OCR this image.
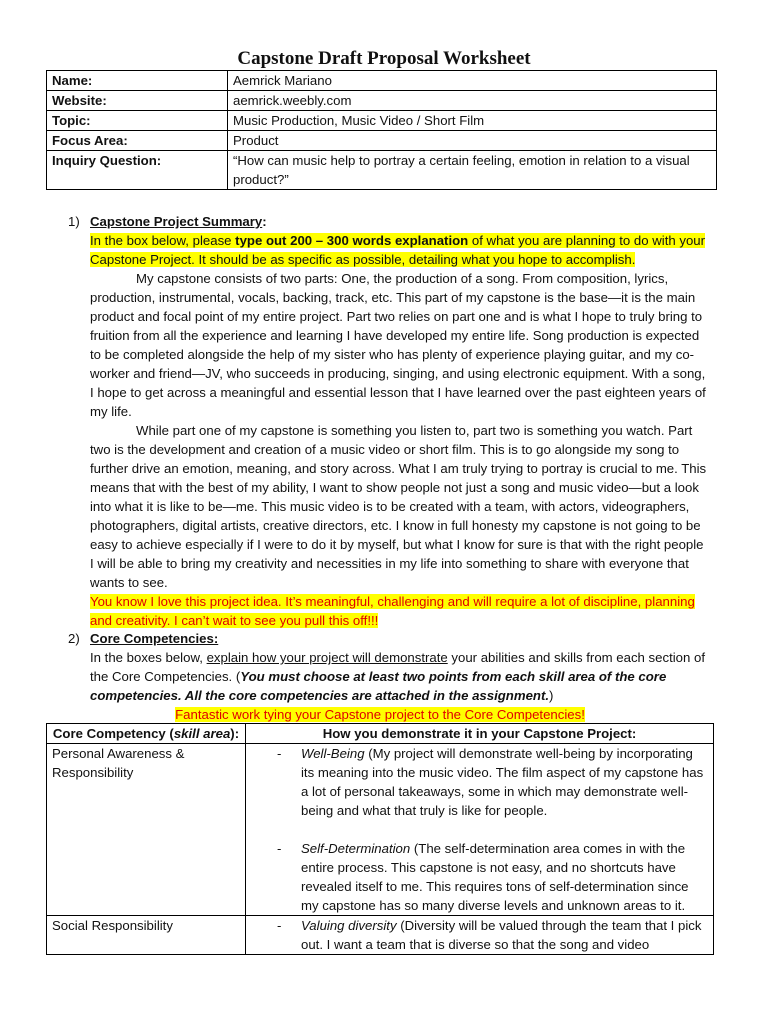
Capstone Draft Proposal Worksheet
Name:	Aemrick Mariano
Website:	aemrick.weebly.com
Topic:	Music Production, Music Video / Short Film
Focus Area:	Product
Inquiry Question:	“How can music help to portray a certain feeling, emotion in relation to a visual product?”
1) Capstone Project Summary:
In the box below, please type out 200 – 300 words explanation of what you are planning to do with your Capstone Project. It should be as specific as possible, detailing what you hope to accomplish.
My capstone consists of two parts: One, the production of a song. From composition, lyrics, production, instrumental, vocals, backing, track, etc. This part of my capstone is the base—it is the main product and focal point of my entire project. Part two relies on part one and is what I hope to truly bring to fruition from all the experience and learning I have developed my entire life. Song production is expected to be completed alongside the help of my sister who has plenty of experience playing guitar, and my co-worker and friend—JV, who succeeds in producing, singing, and using electronic equipment. With a song, I hope to get across a meaningful and essential lesson that I have learned over the past eighteen years of my life.
While part one of my capstone is something you listen to, part two is something you watch. Part two is the development and creation of a music video or short film. This is to go alongside my song to further drive an emotion, meaning, and story across. What I am truly trying to portray is crucial to me. This means that with the best of my ability, I want to show people not just a song and music video—but a look into what it is like to be—me. This music video is to be created with a team, with actors, videographers, photographers, digital artists, creative directors, etc. I know in full honesty my capstone is not going to be easy to achieve especially if I were to do it by myself, but what I know for sure is that with the right people I will be able to bring my creativity and necessities in my life into something to share with everyone that wants to see.
You know I love this project idea. It’s meaningful, challenging and will require a lot of discipline, planning and creativity. I can’t wait to see you pull this off!!!
2) Core Competencies:
In the boxes below, explain how your project will demonstrate your abilities and skills from each section of the Core Competencies. (You must choose at least two points from each skill area of the core competencies. All the core competencies are attached in the assignment.)
Fantastic work tying your Capstone project to the Core Competencies!
Core Competency (skill area):	How you demonstrate it in your Capstone Project:
Personal Awareness & Responsibility	- Well-Being (My project will demonstrate well-being by incorporating its meaning into the music video. The film aspect of my capstone has a lot of personal takeaways, some in which may demonstrate well-being and what that truly is like for people.
- Self-Determination (The self-determination area comes in with the entire process. This capstone is not easy, and no shortcuts have revealed itself to me. This requires tons of self-determination since my capstone has so many diverse levels and unknown areas to it.

Social Responsibility	- Valuing diversity (Diversity will be valued through the team that I pick out. I want a team that is diverse so that the song and video
